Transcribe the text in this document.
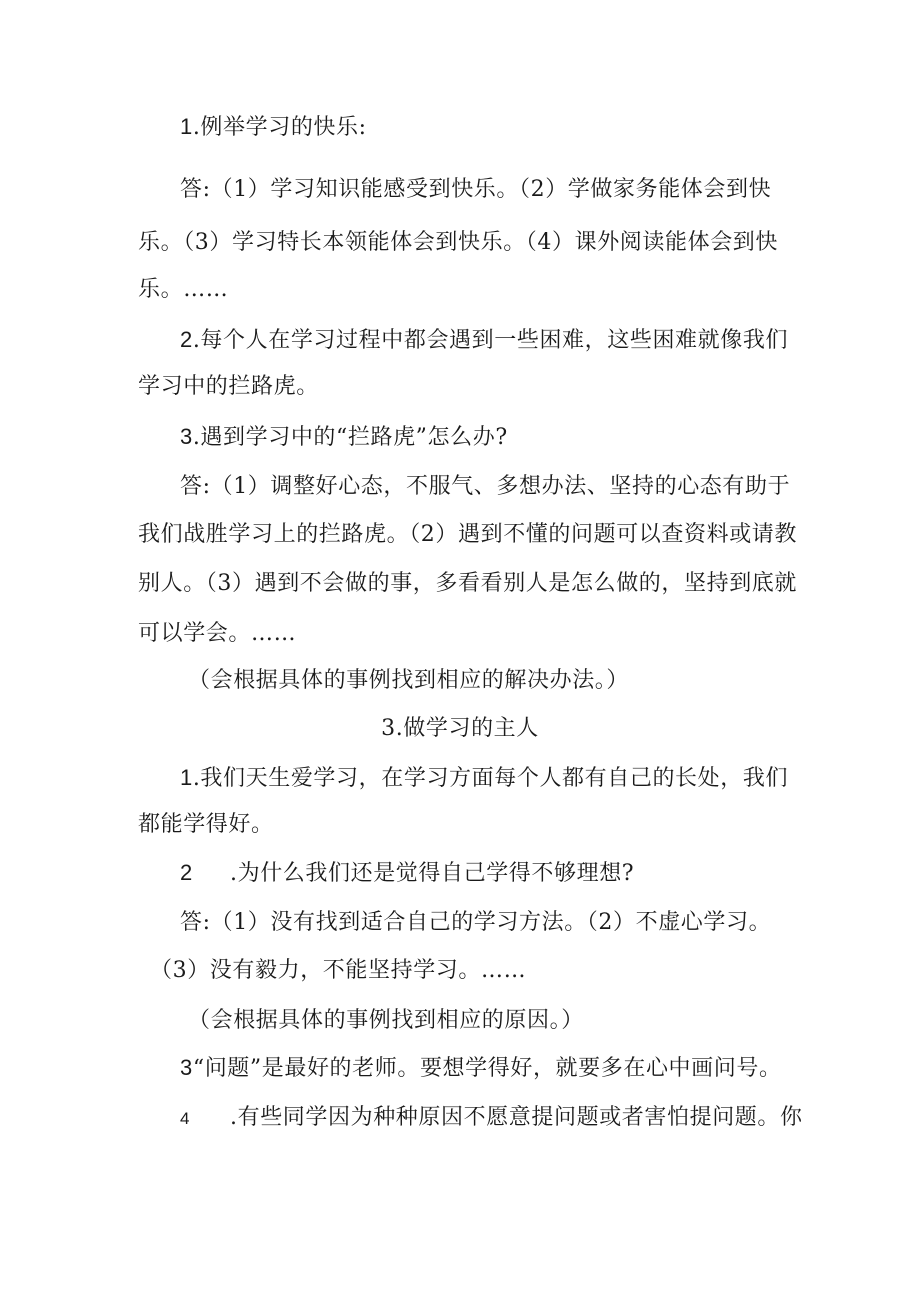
1.例举学习的快乐:
答:（1）学习知识能感受到快乐。（2）学做家务能体会到快
乐。（3）学习特长本领能体会到快乐。（4）课外阅读能体会到快
乐。……
2.每个人在学习过程中都会遇到一些困难，这些困难就像我们
学习中的拦路虎。
3.遇到学习中的“拦路虎”怎么办?
答:（1）调整好心态，不服气、多想办法、坚持的心态有助于
我们战胜学习上的拦路虎。（2）遇到不懂的问题可以查资料或请教
别人。（3）遇到不会做的事，多看看别人是怎么做的，坚持到底就
可以学会。……
（会根据具体的事例找到相应的解决办法。）
3.做学习的主人
1.我们天生爱学习，在学习方面每个人都有自己的长处，我们
都能学得好。
2 .为什么我们还是觉得自己学得不够理想?
答:（1）没有找到适合自己的学习方法。（2）不虚心学习。
（3）没有毅力，不能坚持学习。……
（会根据具体的事例找到相应的原因。）
3“问题”是最好的老师。要想学得好，就要多在心中画问号。
4 .有些同学因为种种原因不愿意提问题或者害怕提问题。你
